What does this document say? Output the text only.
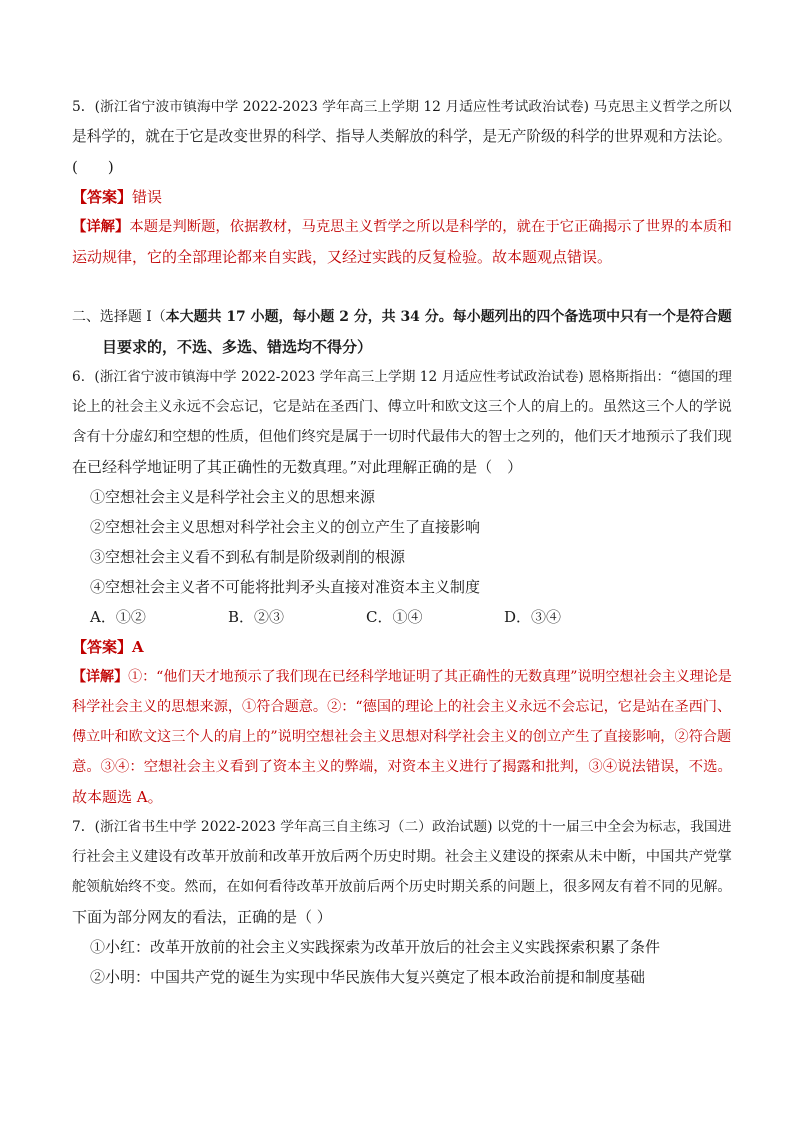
5．(浙江省宁波市镇海中学 2022-2023 学年高三上学期 12 月适应性考试政治试卷) 马克思主义哲学之所以
是科学的，就在于它是改变世界的科学、指导人类解放的科学，是无产阶级的科学的世界观和方法论。
(　　)
【答案】错误
【详解】本题是判断题，依据教材，马克思主义哲学之所以是科学的，就在于它正确揭示了世界的本质和
运动规律，它的全部理论都来自实践，又经过实践的反复检验。故本题观点错误。
二、选择题 I（本大题共 17 小题，每小题 2 分，共 34 分。每小题列出的四个备选项中只有一个是符合题
目要求的，不选、多选、错选均不得分）
6．(浙江省宁波市镇海中学 2022-2023 学年高三上学期 12 月适应性考试政治试卷) 恩格斯指出：“德国的理
论上的社会主义永远不会忘记，它是站在圣西门、傅立叶和欧文这三个人的肩上的。虽然这三个人的学说
含有十分虚幻和空想的性质，但他们终究是属于一切时代最伟大的智士之列的，他们天才地预示了我们现
在已经科学地证明了其正确性的无数真理。”对此理解正确的是（　）
①空想社会主义是科学社会主义的思想来源
②空想社会主义思想对科学社会主义的创立产生了直接影响
③空想社会主义看不到私有制是阶级剥削的根源
④空想社会主义者不可能将批判矛头直接对准资本主义制度
A．①②	B．②③	C．①④	D．③④
【答案】A
【详解】①：“他们天才地预示了我们现在已经科学地证明了其正确性的无数真理”说明空想社会主义理论是
科学社会主义的思想来源，①符合题意。②：“德国的理论上的社会主义永远不会忘记，它是站在圣西门、
傅立叶和欧文这三个人的肩上的”说明空想社会主义思想对科学社会主义的创立产生了直接影响，②符合题
意。③④：空想社会主义看到了资本主义的弊端，对资本主义进行了揭露和批判，③④说法错误，不选。
故本题选 A。
7．(浙江省书生中学 2022-2023 学年高三自主练习（二）政治试题) 以党的十一届三中全会为标志，我国进
行社会主义建设有改革开放前和改革开放后两个历史时期。社会主义建设的探索从未中断，中国共产党掌
舵领航始终不变。然而，在如何看待改革开放前后两个历史时期关系的问题上，很多网友有着不同的见解。
下面为部分网友的看法，正确的是（ ）
①小红：改革开放前的社会主义实践探索为改革开放后的社会主义实践探索积累了条件
②小明：中国共产党的诞生为实现中华民族伟大复兴奠定了根本政治前提和制度基础
